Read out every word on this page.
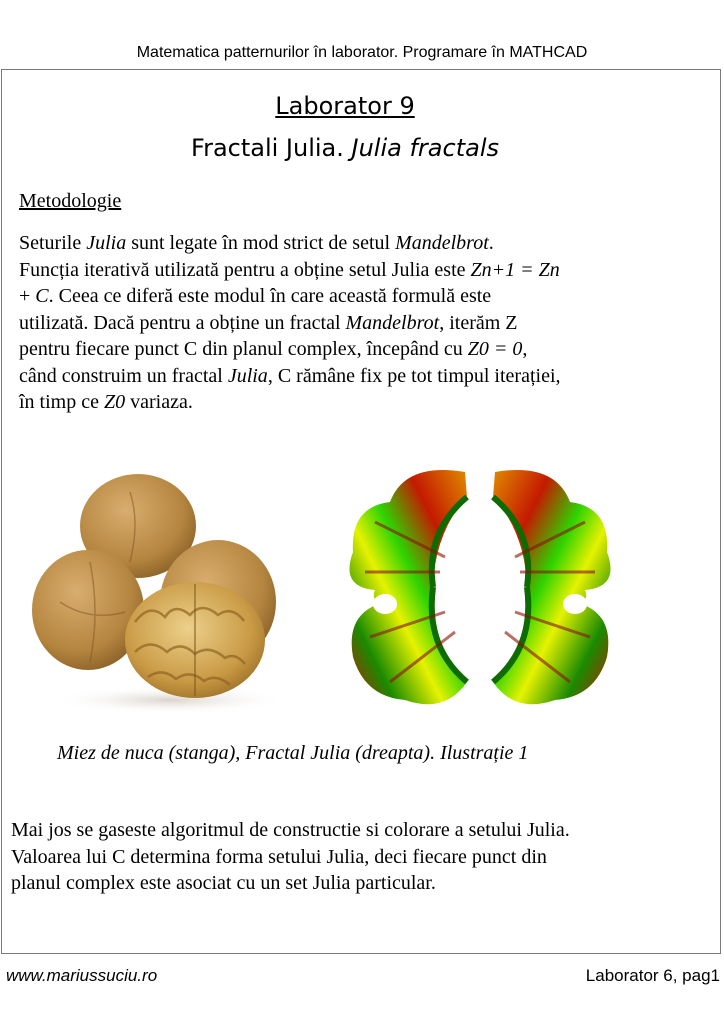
Matematica patternurilor în laborator. Programare în MATHCAD
Laborator 9
Fractali Julia. Julia fractals
Metodologie

Seturile Julia sunt legate în mod strict de setul Mandelbrot.

Funcția iterativă utilizată pentru a obține setul Julia este Zn+1 = Zn

+ C. Ceea ce diferă este modul în care această formulă este

utilizată. Dacă pentru a obține un fractal Mandelbrot, iterăm Z

pentru fiecare punct C din planul complex, începând cu Z0 = 0,

când construim un fractal Julia, C rămâne fix pe tot timpul iterației,

în timp ce Z0 variaza.

Miez de nuca (stanga), Fractal Julia (dreapta). Ilustrație 1

Mai jos se gaseste algoritmul de constructie si colorare a setului Julia.

Valoarea lui C determina forma setului Julia, deci fiecare punct din

planul complex este asociat cu un set Julia particular.

www.mariussuciu.ro	Laborator 6, pag1
